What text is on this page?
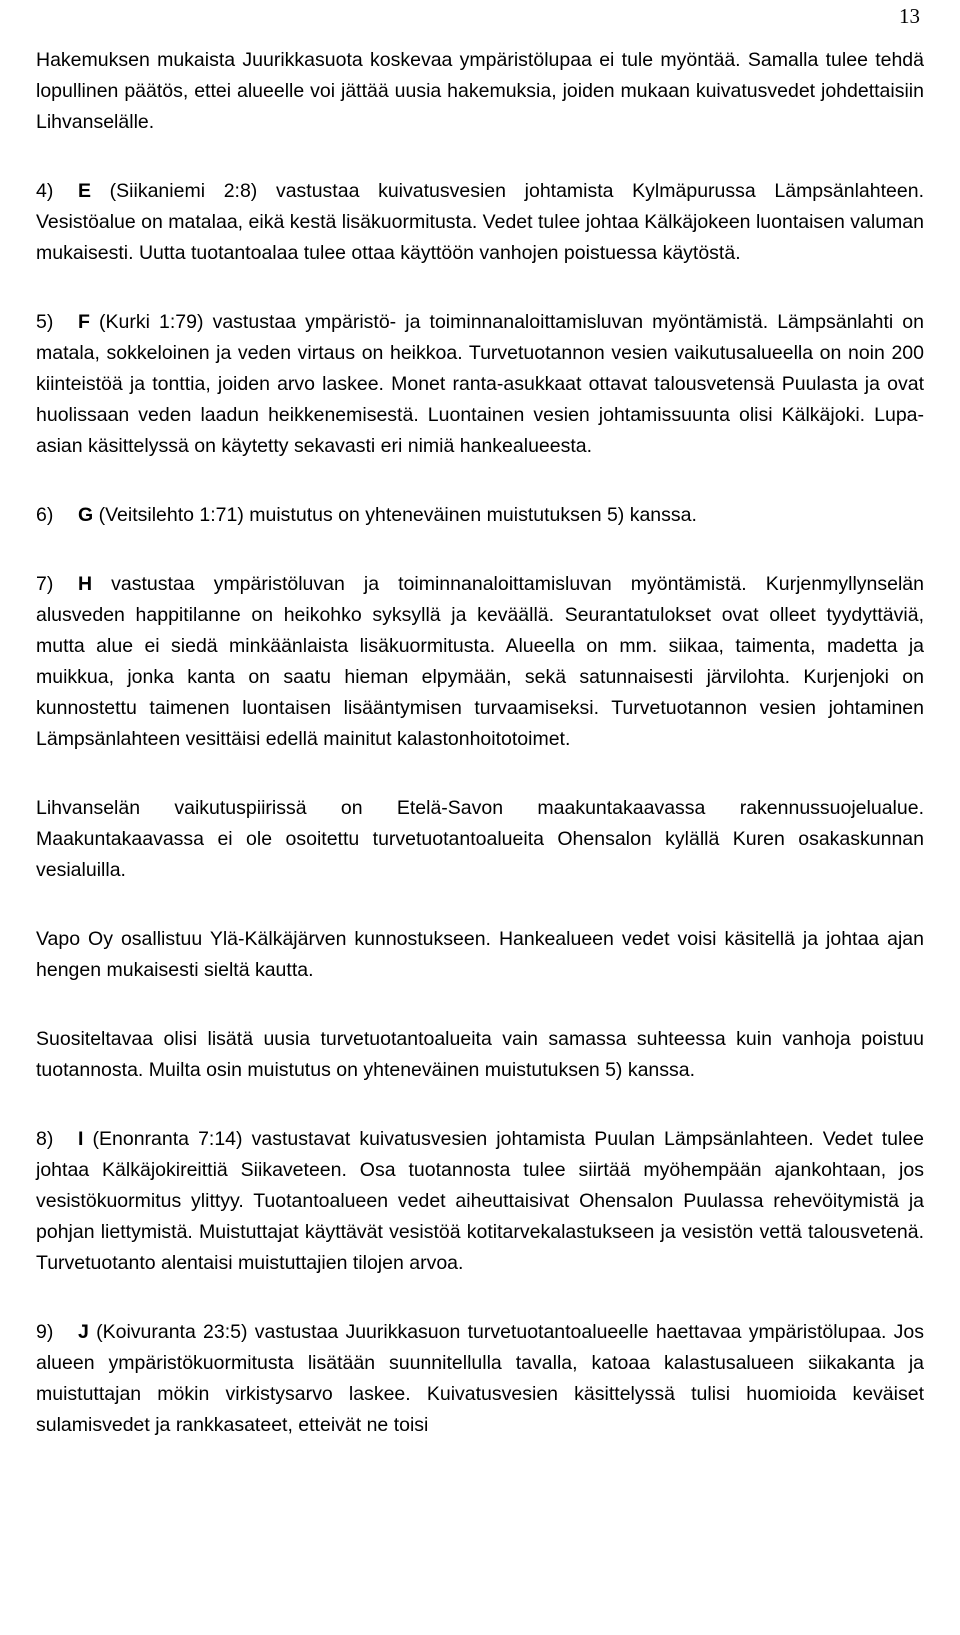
13

Hakemuksen mukaista Juurikkasuota koskevaa ympäristölupaa ei tule myöntää. Samalla tulee tehdä lopullinen päätös, ettei alueelle voi jättää uusia hakemuksia, joiden mukaan kuivatusvedet johdettaisiin Lihvanselälle.

4) E (Siikaniemi 2:8) vastustaa kuivatusvesien johtamista Kylmäpurussa Lämpsänlahteen. Vesistöalue on matalaa, eikä kestä lisäkuormitusta. Vedet tulee johtaa Kälkäjokeen luontaisen valuman mukaisesti. Uutta tuotantoalaa tulee ottaa käyttöön vanhojen poistuessa käytöstä.

5) F (Kurki 1:79) vastustaa ympäristö- ja toiminnanaloittamisluvan myöntämistä. Lämpsänlahti on matala, sokkeloinen ja veden virtaus on heikkoa. Turvetuotannon vesien vaikutusalueella on noin 200 kiinteistöä ja tonttia, joiden arvo laskee. Monet ranta-asukkaat ottavat talousvetensä Puulasta ja ovat huolissaan veden laadun heikkenemisestä. Luontainen vesien johtamissuunta olisi Kälkäjoki. Lupa-asian käsittelyssä on käytetty sekavasti eri nimiä hankealueesta.

6) G (Veitsilehto 1:71) muistutus on yhteneväinen muistutuksen 5) kanssa.

7) H vastustaa ympäristöluvan ja toiminnanaloittamisluvan myöntämistä. Kurjenmyllynselän alusveden happitilanne on heikohko syksyllä ja keväällä. Seurantatulokset ovat olleet tyydyttäviä, mutta alue ei siedä minkäänlaista lisäkuormitusta. Alueella on mm. siikaa, taimenta, madetta ja muikkua, jonka kanta on saatu hieman elpymään, sekä satunnaisesti järvilohta. Kurjenjoki on kunnostettu taimenen luontaisen lisääntymisen turvaamiseksi. Turvetuotannon vesien johtaminen Lämpsänlahteen vesittäisi edellä mainitut kalastonhoitotoimet.

Lihvanselän vaikutuspiirissä on Etelä-Savon maakuntakaavassa rakennussuojelualue. Maakuntakaavassa ei ole osoitettu turvetuotantoalueita Ohensalon kylällä Kuren osakaskunnan vesialuilla.

Vapo Oy osallistuu Ylä-Kälkäjärven kunnostukseen. Hankealueen vedet voisi käsitellä ja johtaa ajan hengen mukaisesti sieltä kautta.

Suositeltavaa olisi lisätä uusia turvetuotantoalueita vain samassa suhteessa kuin vanhoja poistuu tuotannosta. Muilta osin muistutus on yhteneväinen muistutuksen 5) kanssa.

8) I (Enonranta 7:14) vastustavat kuivatusvesien johtamista Puulan Lämpsänlahteen. Vedet tulee johtaa Kälkäjokireittiä Siikaveteen. Osa tuotannosta tulee siirtää myöhempään ajankohtaan, jos vesistökuormitus ylittyy. Tuotantoalueen vedet aiheuttaisivat Ohensalon Puulassa rehevöitymistä ja pohjan liettymistä. Muistuttajat käyttävät vesistöä kotitarvekalastukseen ja vesistön vettä talousvetenä. Turvetuotanto alentaisi muistuttajien tilojen arvoa.

9) J (Koivuranta 23:5) vastustaa Juurikkasuon turvetuotantoalueelle haettavaa ympäristölupaa. Jos alueen ympäristökuormitusta lisätään suunnitellulla tavalla, katoaa kalastusalueen siikakanta ja muistuttajan mökin virkistysarvo laskee. Kuivatusvesien käsittelyssä tulisi huomioida keväiset sulamisvedet ja rankkasateet, etteivät ne toisi
